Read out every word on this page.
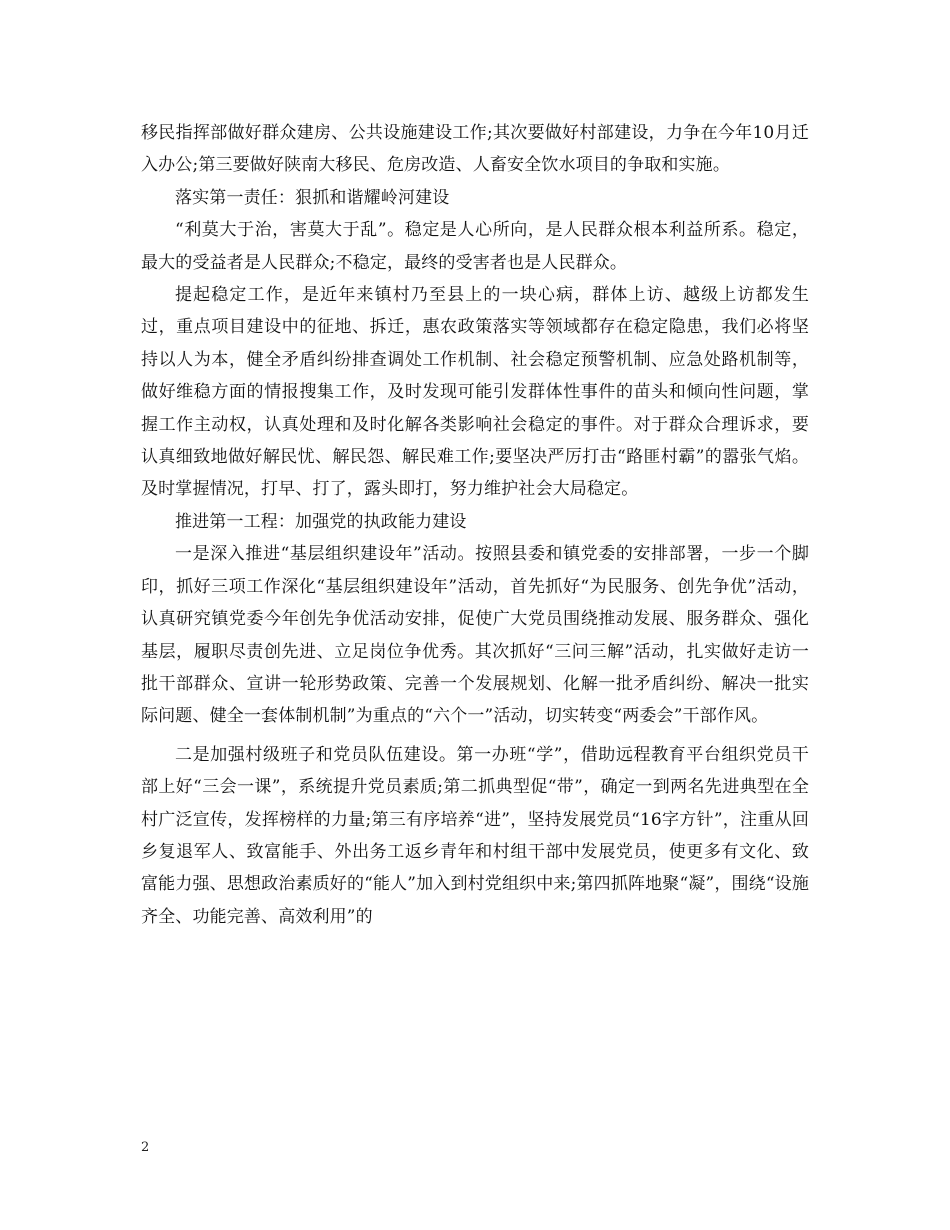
移民指挥部做好群众建房、公共设施建设工作;其次要做好村部建设，力争在今年10月迁入办公;第三要做好陕南大移民、危房改造、人畜安全饮水项目的争取和实施。

落实第一责任：狠抓和谐耀岭河建设

“利莫大于治，害莫大于乱”。稳定是人心所向，是人民群众根本利益所系。稳定，最大的受益者是人民群众;不稳定，最终的受害者也是人民群众。

提起稳定工作，是近年来镇村乃至县上的一块心病，群体上访、越级上访都发生过，重点项目建设中的征地、拆迁，惠农政策落实等领域都存在稳定隐患，我们必将坚持以人为本，健全矛盾纠纷排查调处工作机制、社会稳定预警机制、应急处路机制等，做好维稳方面的情报搜集工作，及时发现可能引发群体性事件的苗头和倾向性问题，掌握工作主动权，认真处理和及时化解各类影响社会稳定的事件。对于群众合理诉求，要认真细致地做好解民忧、解民怨、解民难工作;要坚决严厉打击“路匪村霸”的嚣张气焰。及时掌握情况，打早、打了，露头即打，努力维护社会大局稳定。

推进第一工程：加强党的执政能力建设

一是深入推进“基层组织建设年”活动。按照县委和镇党委的安排部署，一步一个脚印，抓好三项工作深化“基层组织建设年”活动，首先抓好“为民服务、创先争优”活动，认真研究镇党委今年创先争优活动安排，促使广大党员围绕推动发展、服务群众、强化基层，履职尽责创先进、立足岗位争优秀。其次抓好“三问三解”活动，扎实做好走访一批干部群众、宣讲一轮形势政策、完善一个发展规划、化解一批矛盾纠纷、解决一批实际问题、健全一套体制机制”为重点的“六个一”活动，切实转变“两委会”干部作风。

二是加强村级班子和党员队伍建设。第一办班“学”，借助远程教育平台组织党员干部上好“三会一课”，系统提升党员素质;第二抓典型促“带”，确定一到两名先进典型在全村广泛宣传，发挥榜样的力量;第三有序培养“进”，坚持发展党员“16字方针”，注重从回乡复退军人、致富能手、外出务工返乡青年和村组干部中发展党员，使更多有文化、致富能力强、思想政治素质好的“能人”加入到村党组织中来;第四抓阵地聚“凝”，围绕“设施齐全、功能完善、高效利用”的

2
